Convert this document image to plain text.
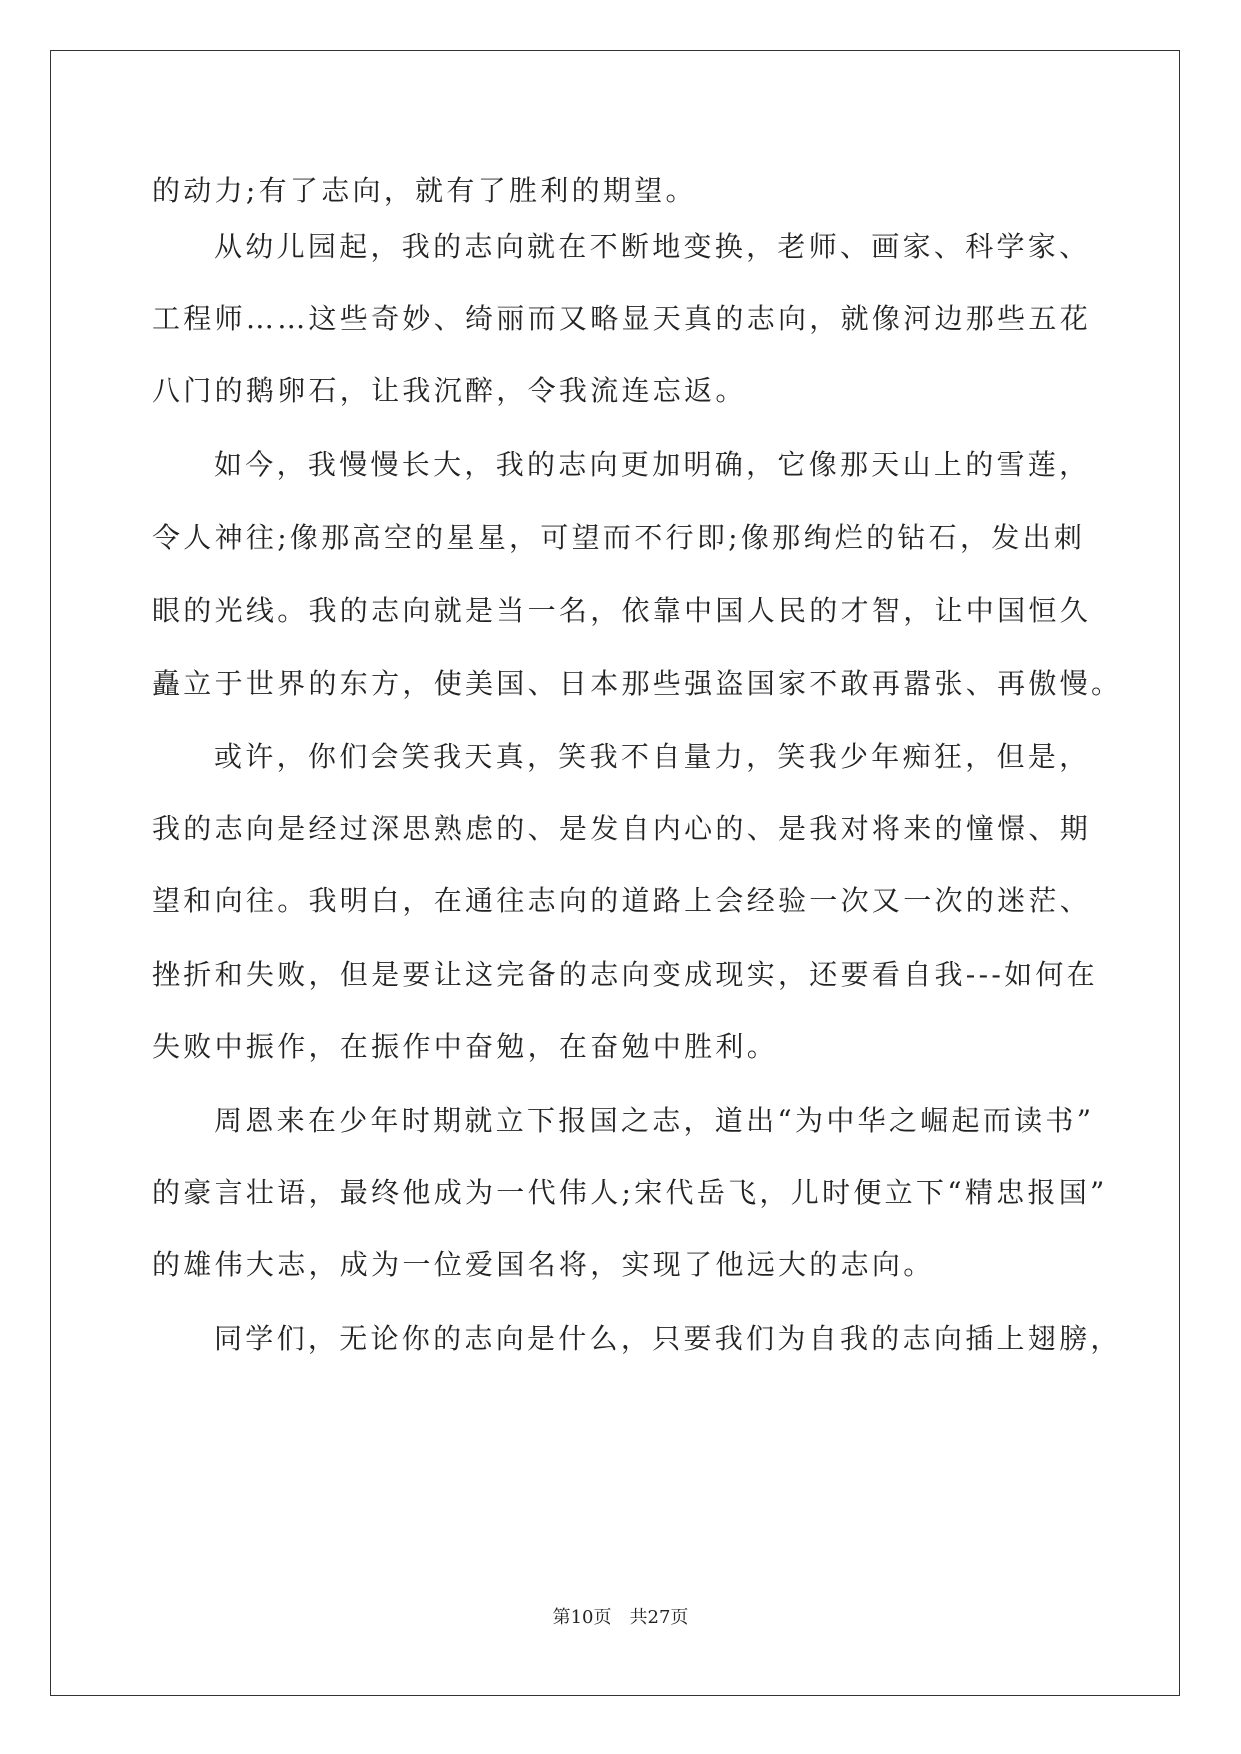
的动力;有了志向，就有了胜利的期望。
从幼儿园起，我的志向就在不断地变换，老师、画家、科学家、
工程师……这些奇妙、绮丽而又略显天真的志向，就像河边那些五花
八门的鹅卵石，让我沉醉，令我流连忘返。
如今，我慢慢长大，我的志向更加明确，它像那天山上的雪莲，
令人神往;像那高空的星星，可望而不行即;像那绚烂的钻石，发出刺
眼的光线。我的志向就是当一名，依靠中国人民的才智，让中国恒久
矗立于世界的东方，使美国、日本那些强盗国家不敢再嚣张、再傲慢。
或许，你们会笑我天真，笑我不自量力，笑我少年痴狂，但是，
我的志向是经过深思熟虑的、是发自内心的、是我对将来的憧憬、期
望和向往。我明白，在通往志向的道路上会经验一次又一次的迷茫、
挫折和失败，但是要让这完备的志向变成现实，还要看自我---如何在
失败中振作，在振作中奋勉，在奋勉中胜利。
周恩来在少年时期就立下报国之志，道出“为中华之崛起而读书”
的豪言壮语，最终他成为一代伟人;宋代岳飞，儿时便立下“精忠报国”
的雄伟大志，成为一位爱国名将，实现了他远大的志向。
同学们，无论你的志向是什么，只要我们为自我的志向插上翅膀，
第10页　共27页
